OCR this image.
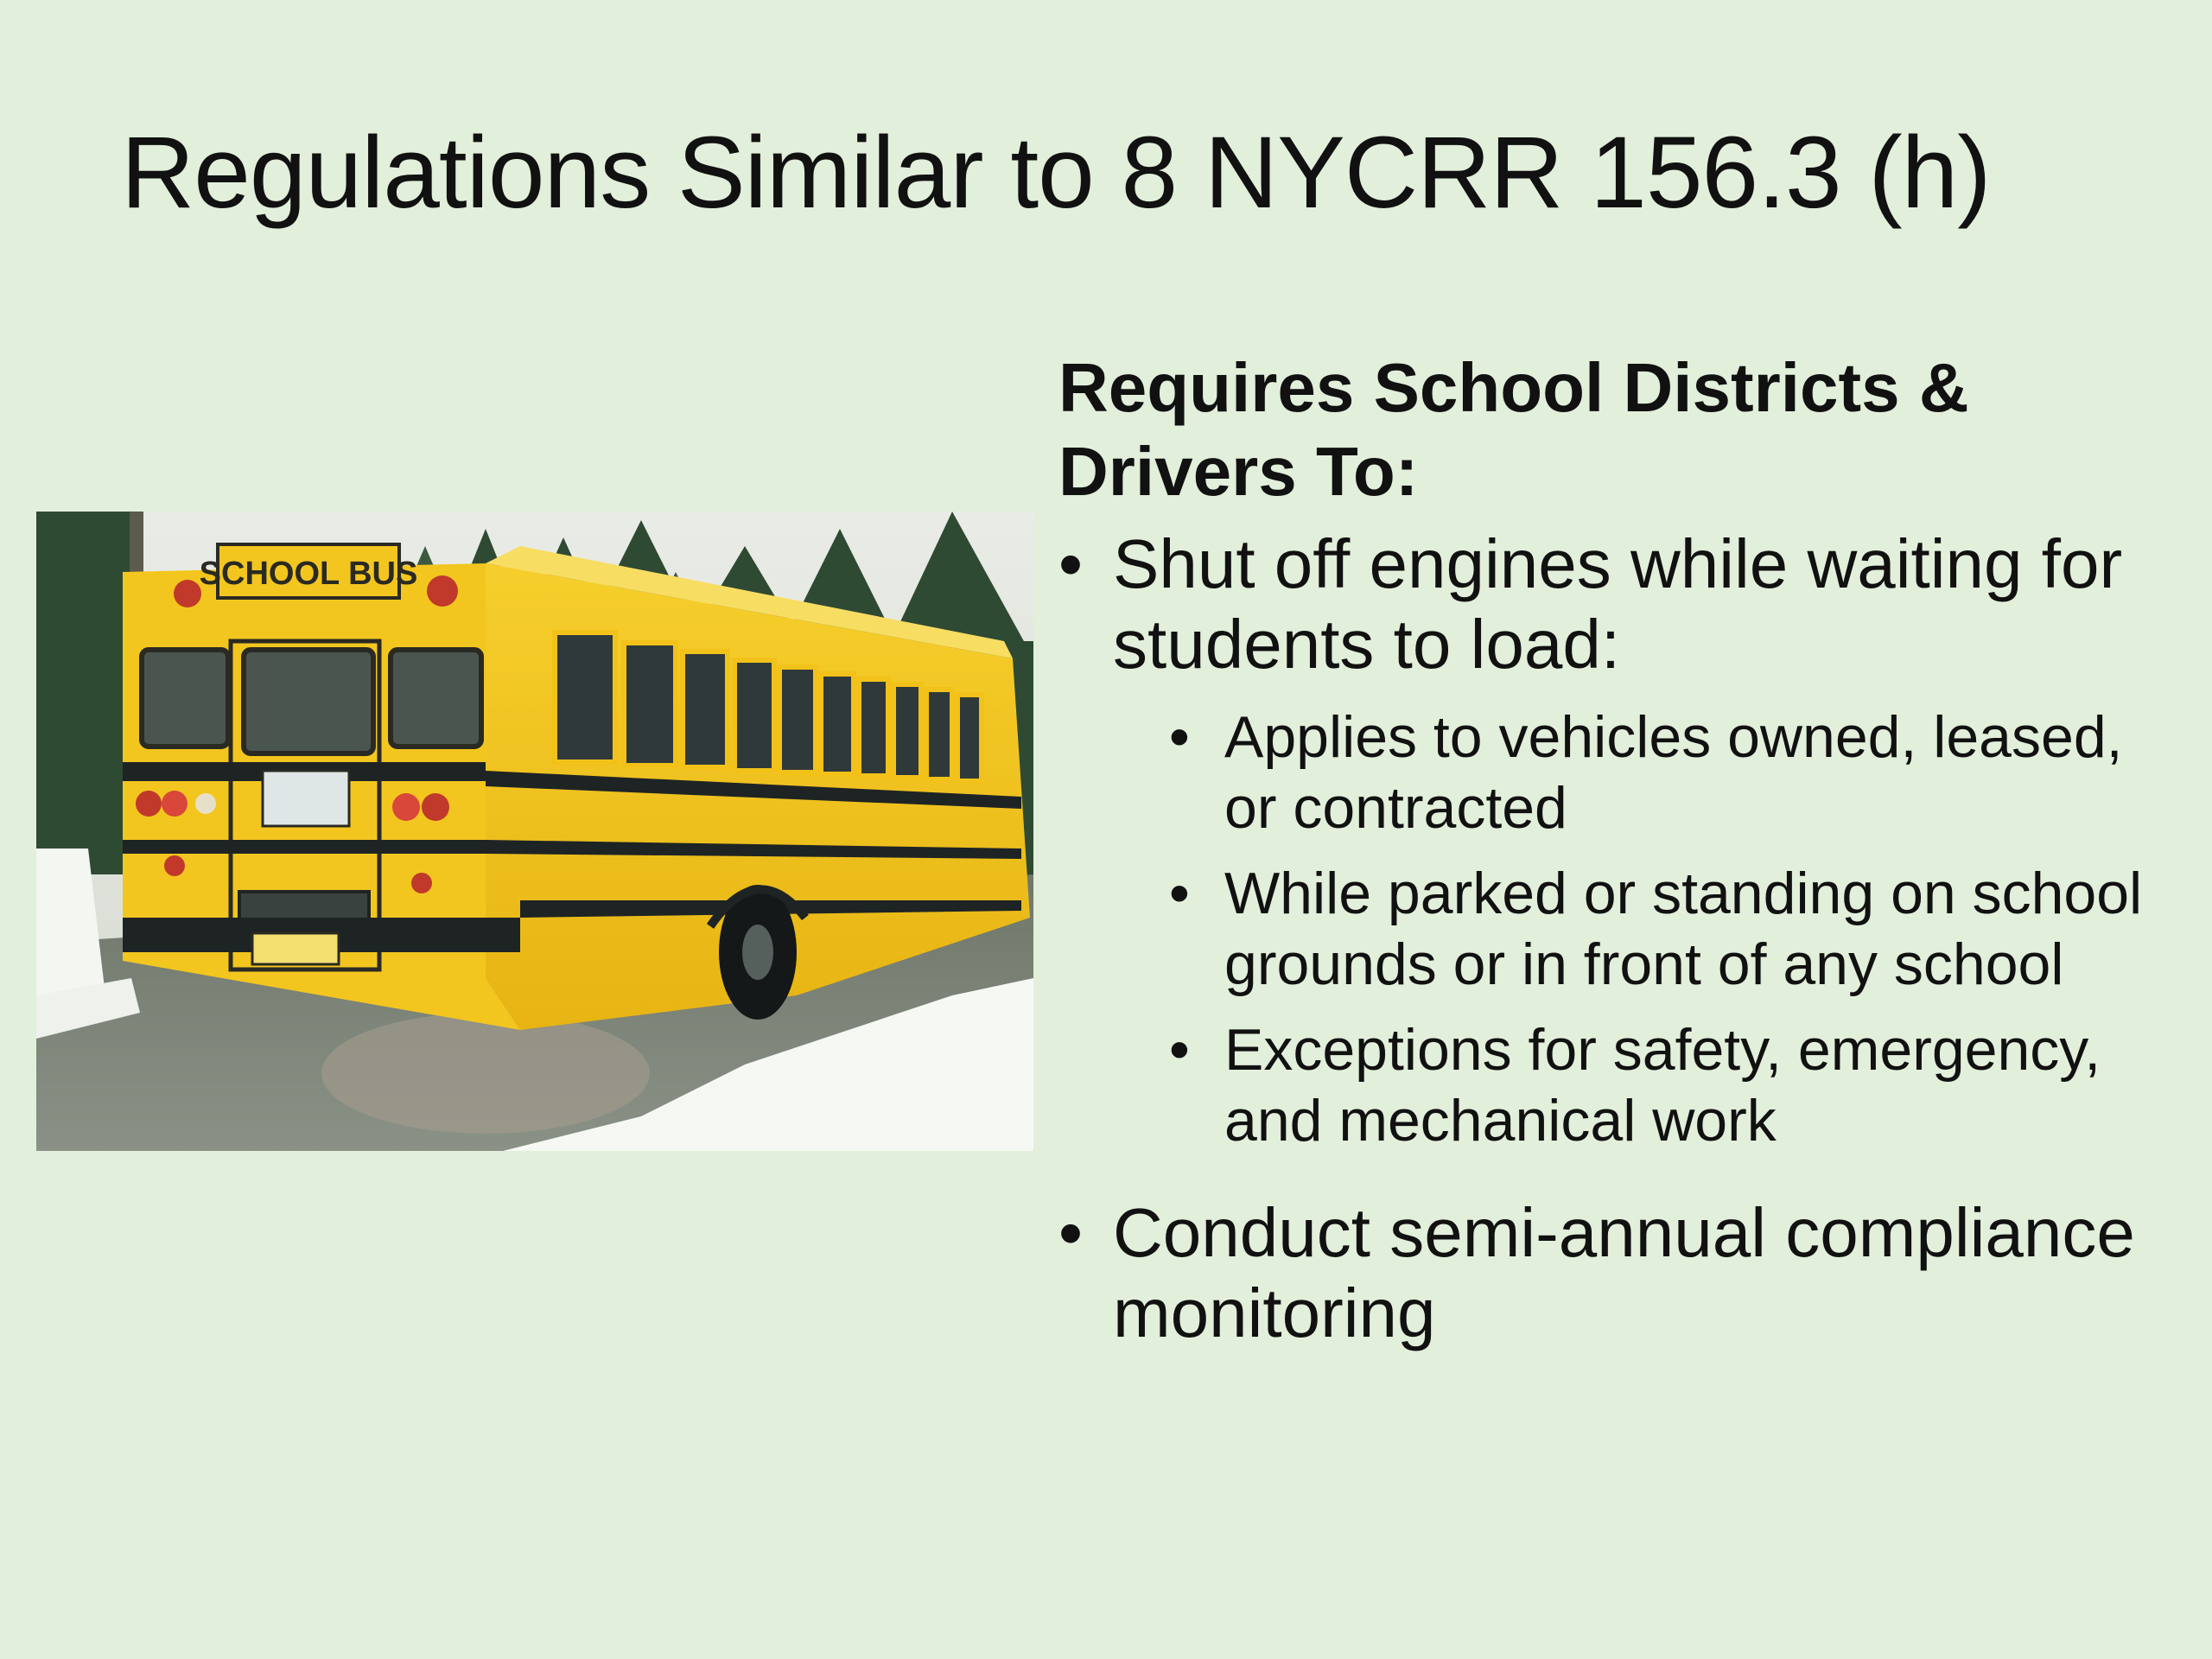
Regulations Similar to 8 NYCRR 156.3 (h)
SCHOOL BUS

Requires School Districts & Drivers To:

• Shut off engines while waiting for students to load:
• Applies to vehicles owned, leased, or contracted
• While parked or standing on school grounds or in front of any school
• Exceptions for safety, emergency, and mechanical work
• Conduct semi-annual compliance monitoring
